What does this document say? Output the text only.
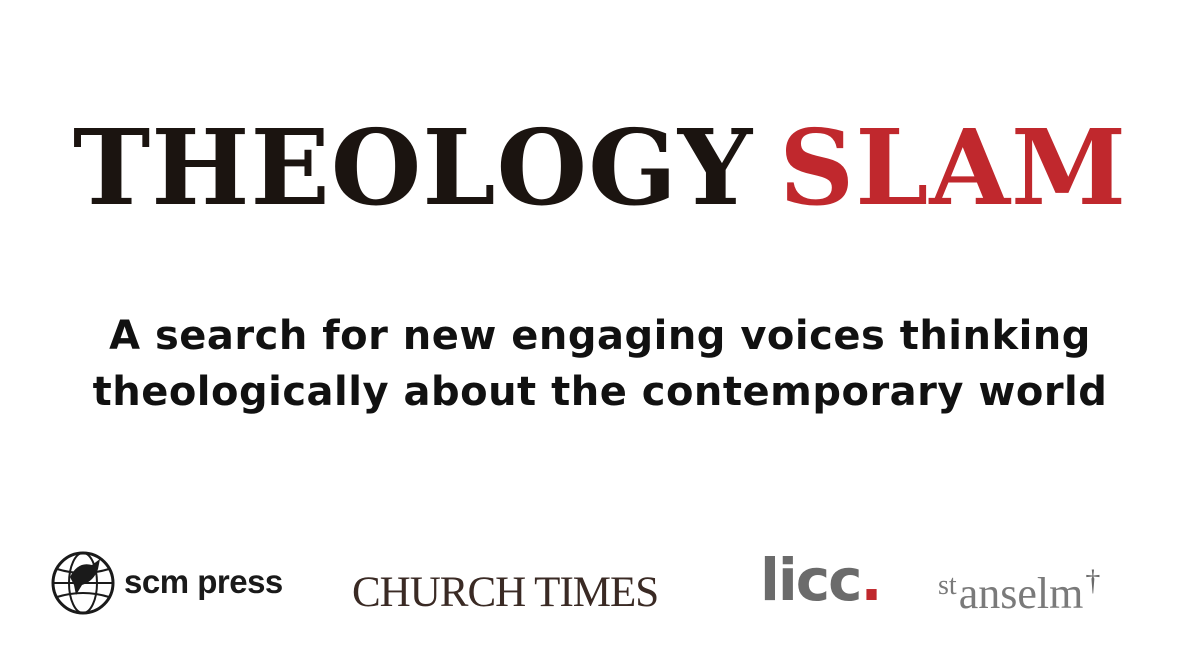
THEOLOGY SLAM
A search for new engaging voices thinking
theologically about the contemporary world
scm press CHURCH TIMES licc. $^{st}$anselm†
